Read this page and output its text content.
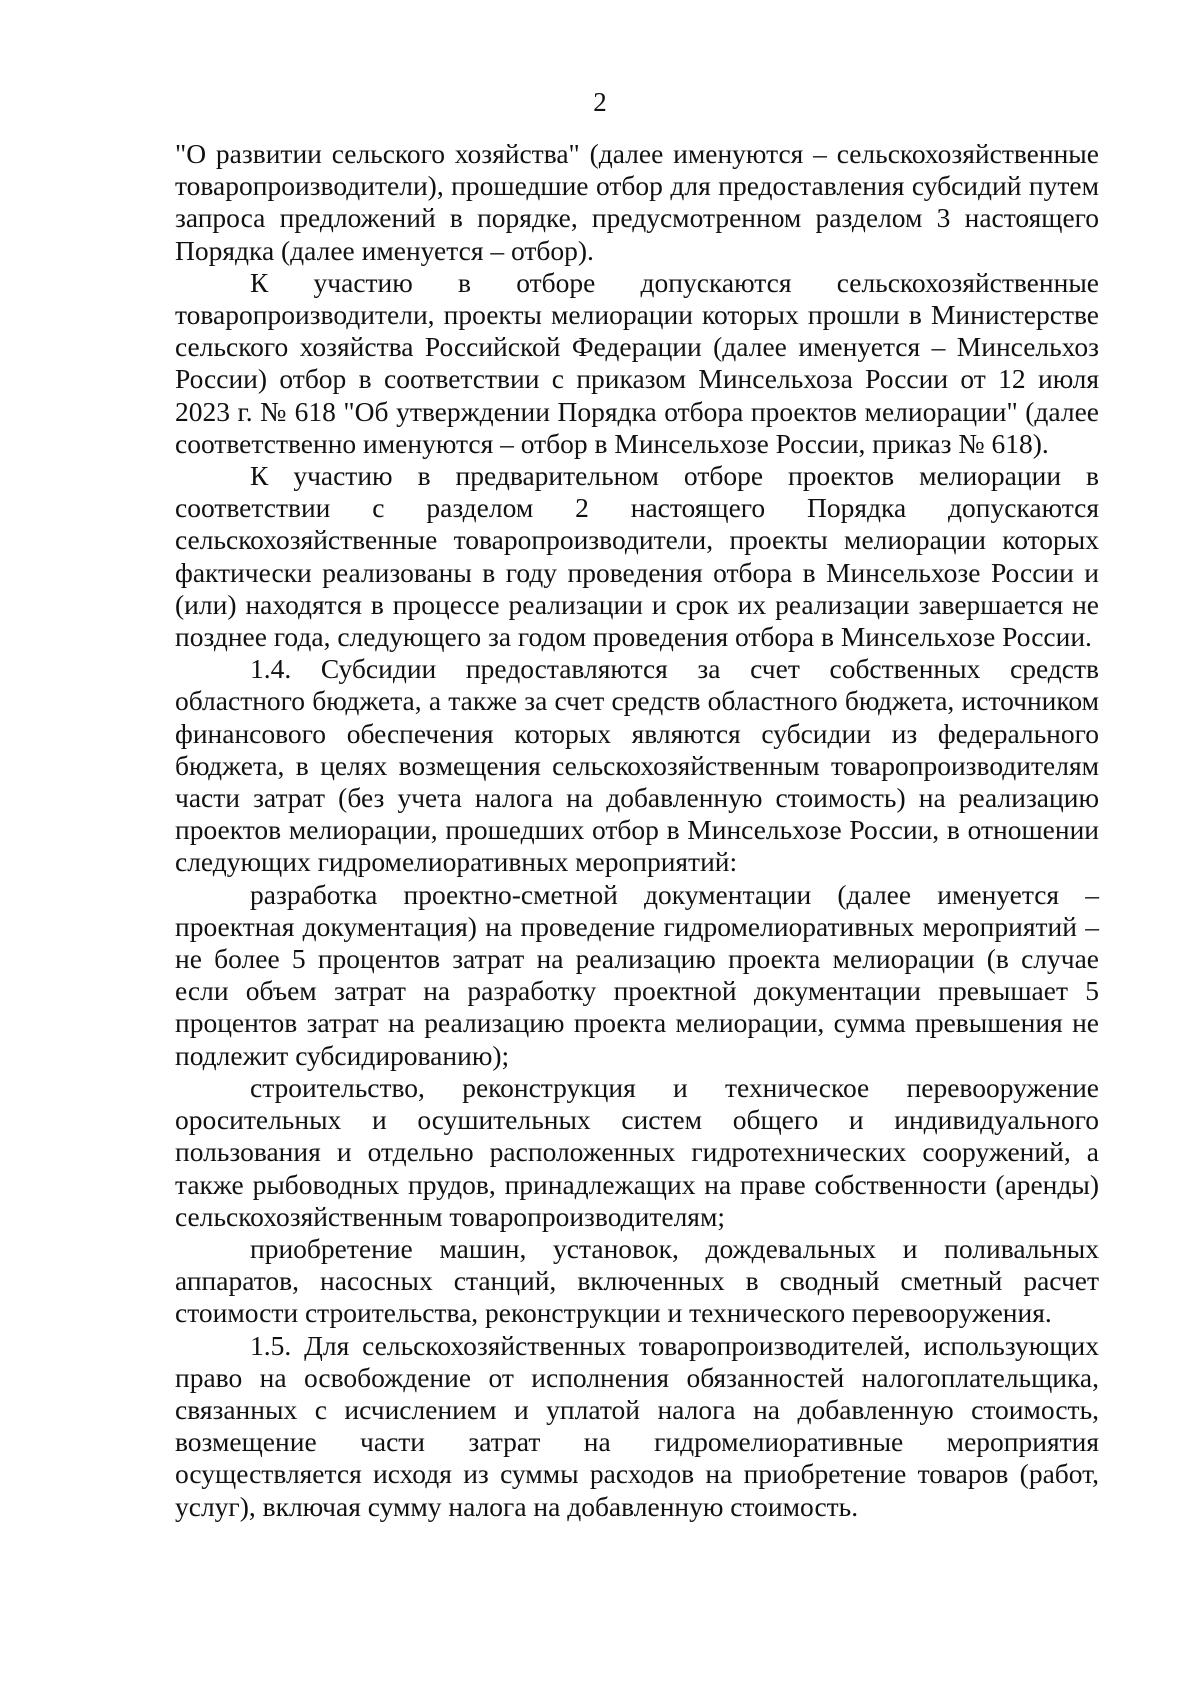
2

"О развитии сельского хозяйства" (далее именуются – сельскохозяйственные товаропроизводители), прошедшие отбор для предоставления субсидий путем запроса предложений в порядке, предусмотренном разделом 3 настоящего Порядка (далее именуется – отбор).

К участию в отборе допускаются сельскохозяйственные товаропроизводители, проекты мелиорации которых прошли в Министерстве сельского хозяйства Российской Федерации (далее именуется – Минсельхоз России) отбор в соответствии с приказом Минсельхоза России от 12 июля 2023 г. № 618 "Об утверждении Порядка отбора проектов мелиорации" (далее соответственно именуются – отбор в Минсельхозе России, приказ № 618).

К участию в предварительном отборе проектов мелиорации в соответствии с разделом 2 настоящего Порядка допускаются сельскохозяйственные товаропроизводители, проекты мелиорации которых фактически реализованы в году проведения отбора в Минсельхозе России и (или) находятся в процессе реализации и срок их реализации завершается не позднее года, следующего за годом проведения отбора в Минсельхозе России.

1.4. Субсидии предоставляются за счет собственных средств областного бюджета, а также за счет средств областного бюджета, источником финансового обеспечения которых являются субсидии из федерального бюджета, в целях возмещения сельскохозяйственным товаропроизводителям части затрат (без учета налога на добавленную стоимость) на реализацию проектов мелиорации, прошедших отбор в Минсельхозе России, в отношении следующих гидромелиоративных мероприятий:

разработка проектно-сметной документации (далее именуется – проектная документация) на проведение гидромелиоративных мероприятий – не более 5 процентов затрат на реализацию проекта мелиорации (в случае если объем затрат на разработку проектной документации превышает 5 процентов затрат на реализацию проекта мелиорации, сумма превышения не подлежит субсидированию);

строительство, реконструкция и техническое перевооружение оросительных и осушительных систем общего и индивидуального пользования и отдельно расположенных гидротехнических сооружений, а также рыбоводных прудов, принадлежащих на праве собственности (аренды) сельскохозяйственным товаропроизводителям;

приобретение машин, установок, дождевальных и поливальных аппаратов, насосных станций, включенных в сводный сметный расчет стоимости строительства, реконструкции и технического перевооружения.

1.5. Для сельскохозяйственных товаропроизводителей, использующих право на освобождение от исполнения обязанностей налогоплательщика, связанных с исчислением и уплатой налога на добавленную стоимость, возмещение части затрат на гидромелиоративные мероприятия осуществляется исходя из суммы расходов на приобретение товаров (работ, услуг), включая сумму налога на добавленную стоимость.
